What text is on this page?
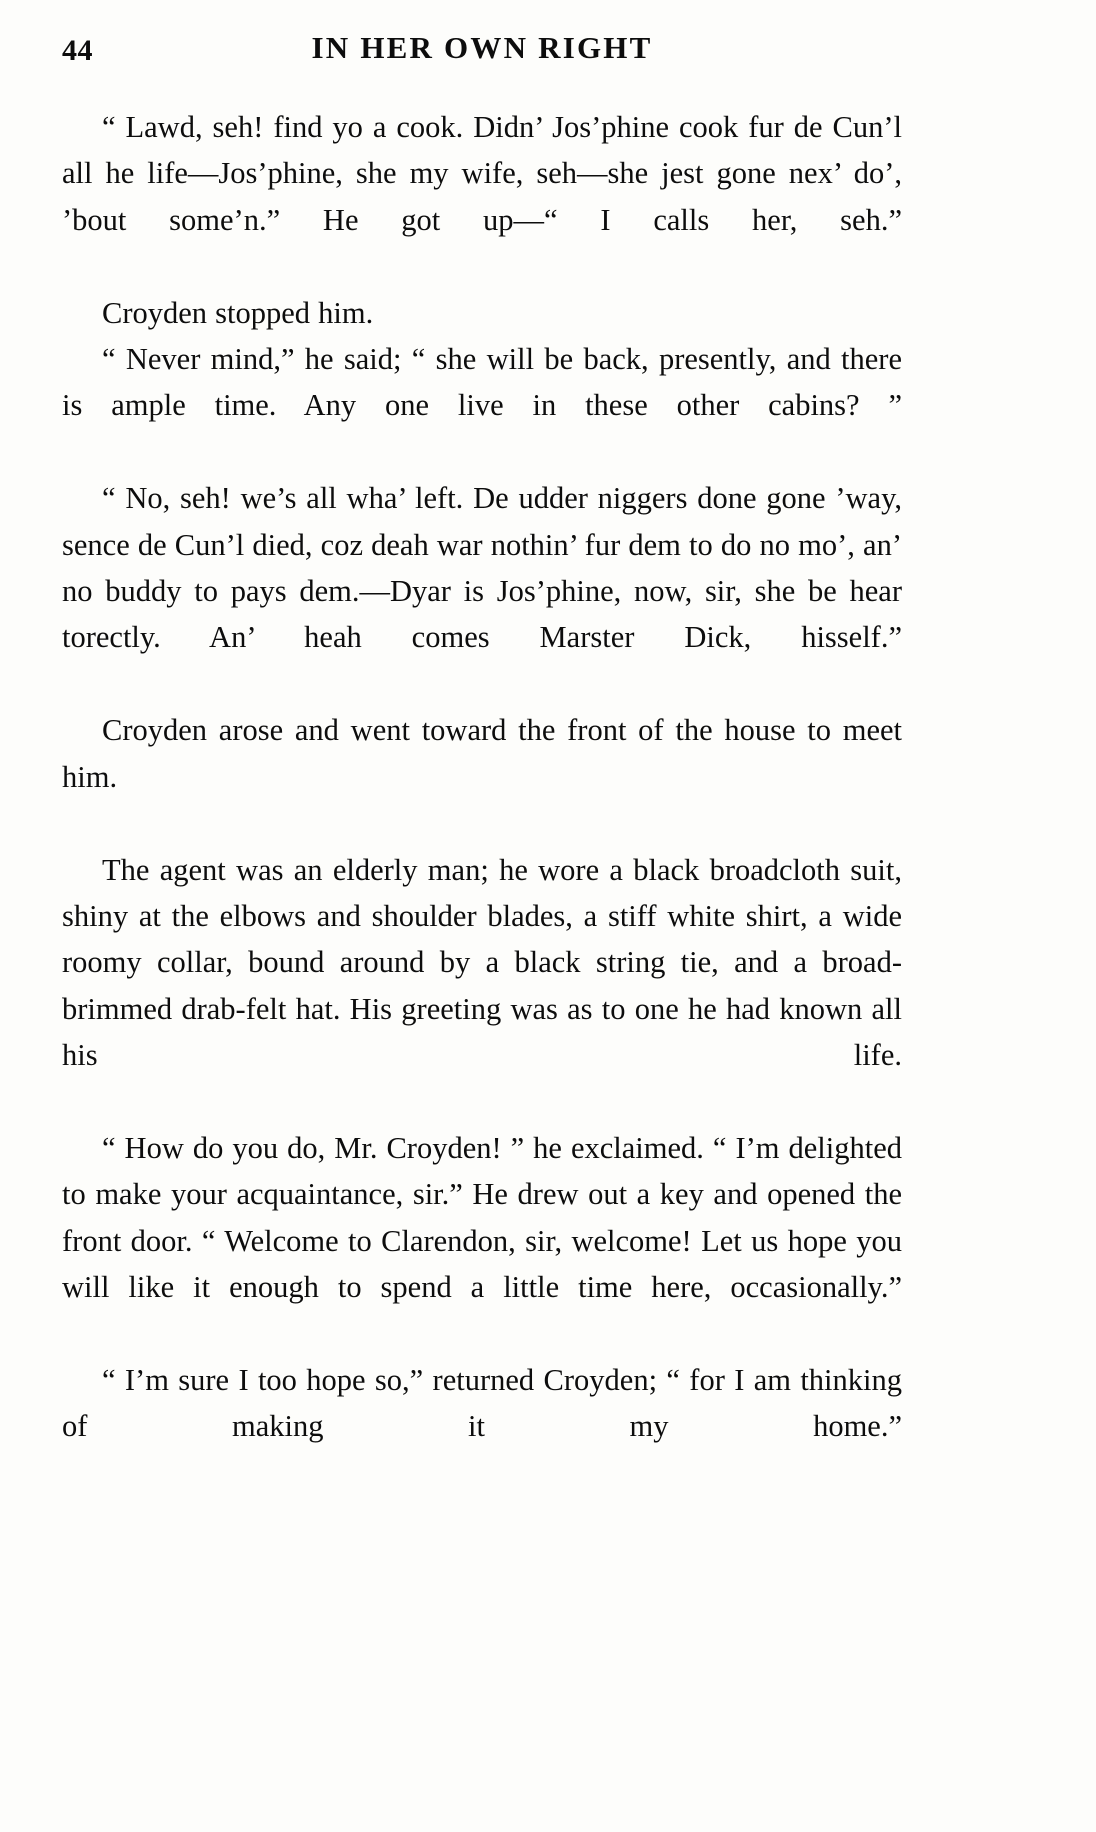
44	IN HER OWN RIGHT

“ Lawd, seh! find yo a cook. Didn’ Jos’phine cook fur de Cun’l all he life—Jos’phine, she my wife, seh—she jest gone nex’ do’, ’bout some’n.” He got up—“ I calls her, seh.”

Croyden stopped him.

“ Never mind,” he said; “ she will be back, presently, and there is ample time. Any one live in these other cabins? ”

“ No, seh! we’s all wha’ left. De udder niggers done gone ’way, sence de Cun’l died, coz deah war nothin’ fur dem to do no mo’, an’ no buddy to pays dem.—Dyar is Jos’phine, now, sir, she be hear torectly. An’ heah comes Marster Dick, hisself.”

Croyden arose and went toward the front of the house to meet him.

The agent was an elderly man; he wore a black broadcloth suit, shiny at the elbows and shoulder blades, a stiff white shirt, a wide roomy collar, bound around by a black string tie, and a broad-brimmed drab-felt hat. His greeting was as to one he had known all his life.

“ How do you do, Mr. Croyden! ” he exclaimed. “ I’m delighted to make your acquaintance, sir.” He drew out a key and opened the front door. “ Welcome to Clarendon, sir, welcome! Let us hope you will like it enough to spend a little time here, occasionally.”

“ I’m sure I too hope so,” returned Croyden; “ for I am thinking of making it my home.”
